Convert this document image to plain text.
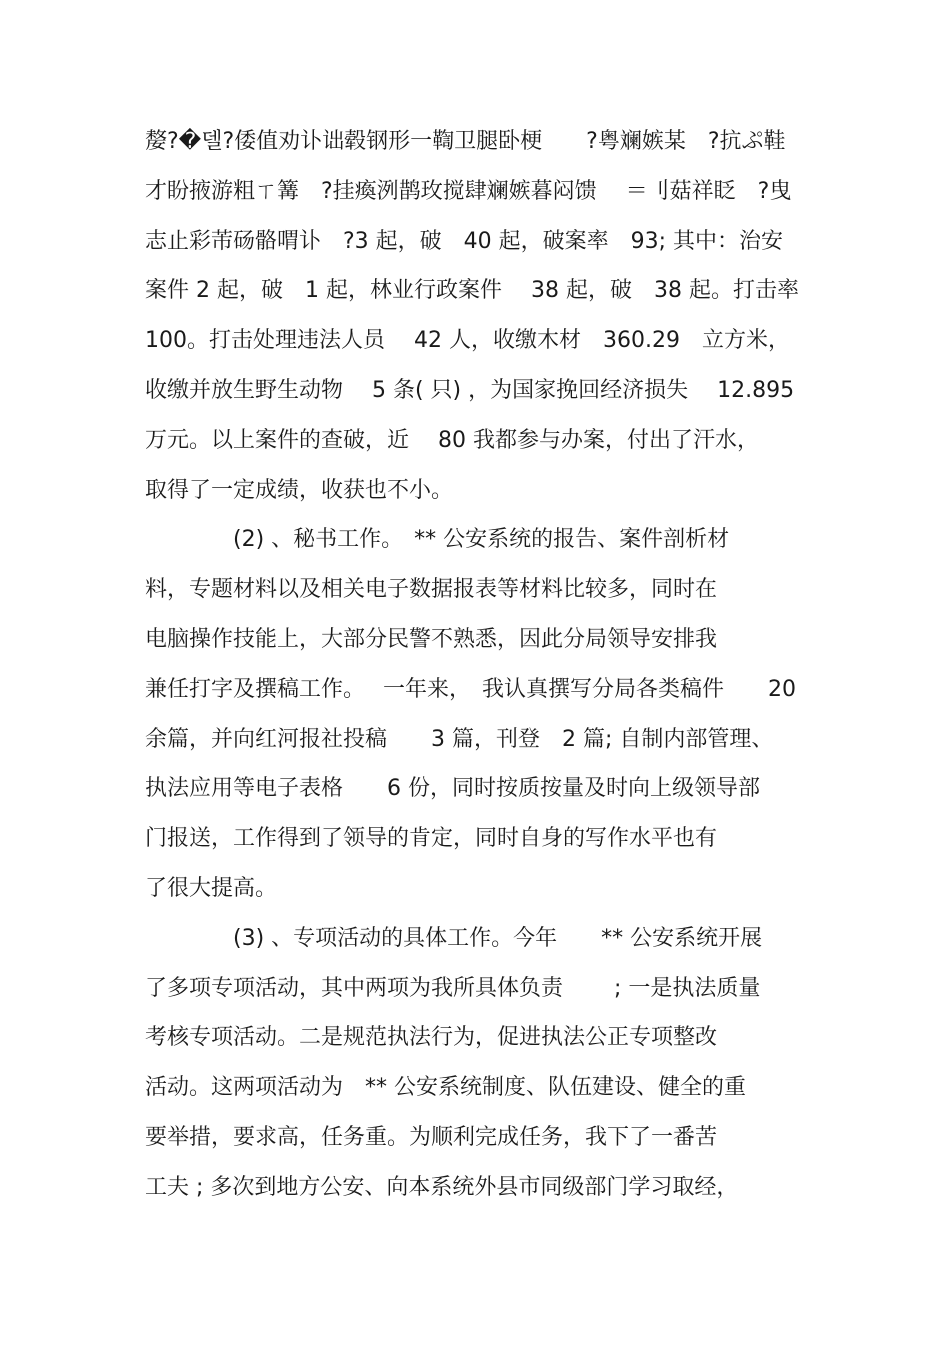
嫠?�델?倭值劝讣诎毂钢形一鞫卫腿卧梗　　?粤斓嫉某　?抗ぷ鞋
才盼掖游粗ㄒ篝　?挂瘓洌鹊玫搅肆斓嫉暮闷馈　 ＝刂菇祥眨　?曳
志止彩芾砀骼喟讣　?3 起，破　40 起，破案率　93; 其中：治安
案件 2 起，破　1 起，林业行政案件　 38 起，破　38 起。打击率
100。打击处理违法人员　 42 人，收缴木材　360.29　立方米，
收缴并放生野生动物　 5 条( 只) ，为国家挽回经济损失　 12.895
万元。以上案件的查破，近　 80 我都参与办案，付出了汗水，
取得了一定成绩，收获也不小。
　　　　(2) 、秘书工作。　** 公安系统的报告、案件剖析材
料，专题材料以及相关电子数据报表等材料比较多，同时在
电脑操作技能上，大部分民警不熟悉，因此分局领导安排我
兼任打字及撰稿工作。　 一年来，　我认真撰写分局各类稿件　　20
余篇，并向红河报社投稿　　3 篇，刊登　2 篇; 自制内部管理、
执法应用等电子表格　　6 份，同时按质按量及时向上级领导部
门报送，工作得到了领导的肯定，同时自身的写作水平也有
了很大提高。
　　　　(3) 、专项活动的具体工作。今年　　** 公安系统开展
了多项专项活动，其中两项为我所具体负责　　 ; 一是执法质量
考核专项活动。二是规范执法行为，促进执法公正专项整改
活动。这两项活动为　** 公安系统制度、队伍建设、健全的重
要举措，要求高，任务重。为顺利完成任务，我下了一番苦
工夫 ; 多次到地方公安、向本系统外县市同级部门学习取经，
